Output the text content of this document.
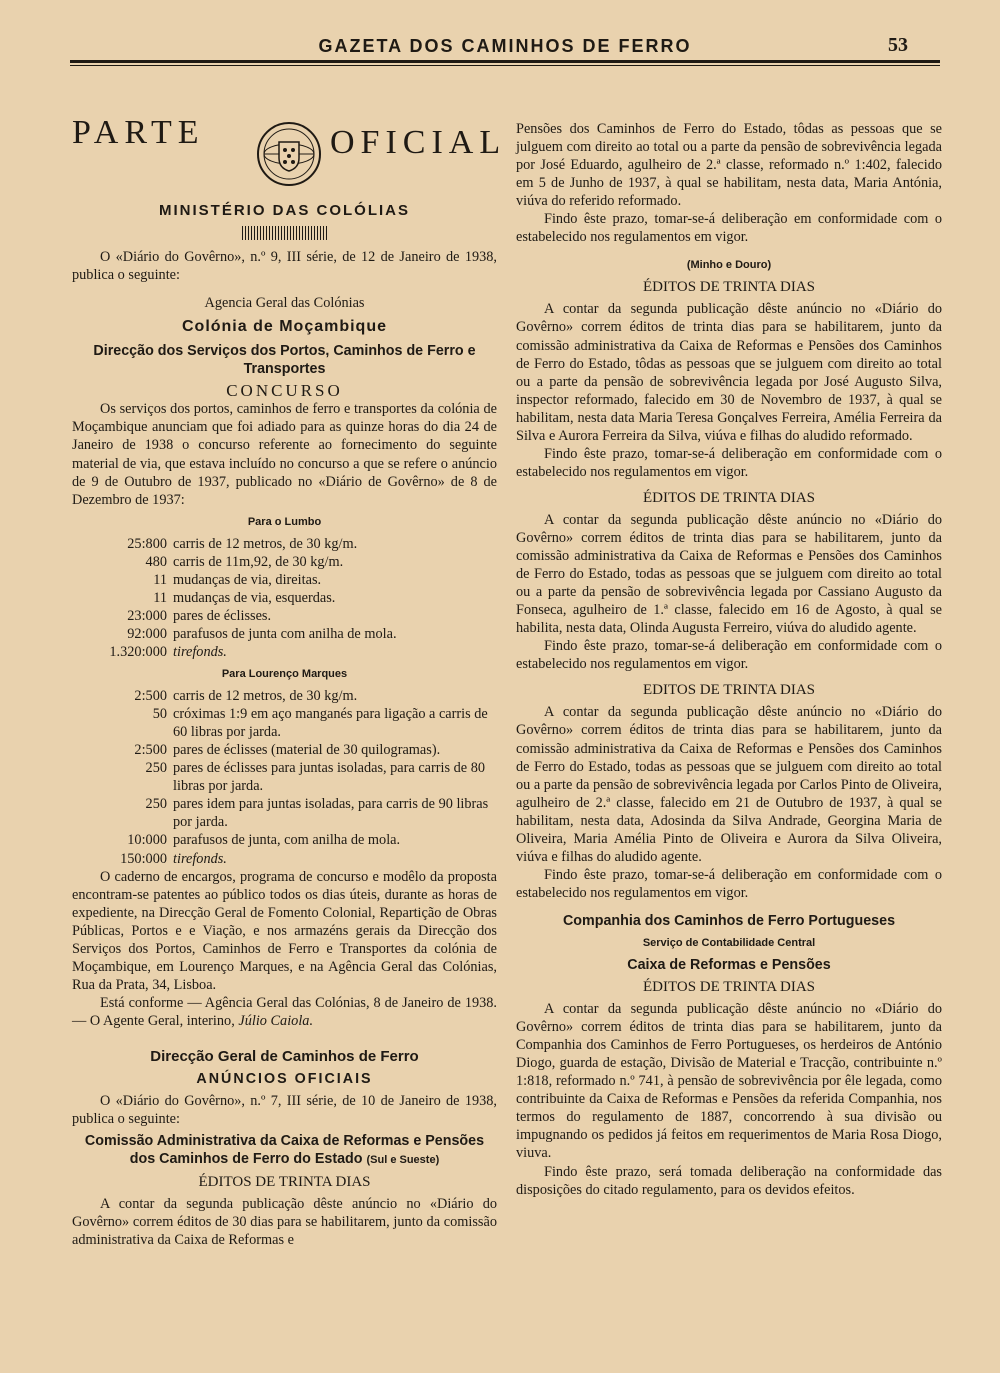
GAZETA DOS CAMINHOS DE FERRO	53
PARTE	OFICIAL

MINISTÉRIO DAS COLÓLIAS

O «Diário do Govêrno», n.º 9, III série, de 12 de Janeiro de 1938, publica o seguinte:

Agencia Geral das Colónias

Colónia de Moçambique

Direcção dos Serviços dos Portos, Caminhos de Ferro e Transportes

CONCURSO

Os serviços dos portos, caminhos de ferro e transportes da colónia de Moçambique anunciam que foi adiado para as quinze horas do dia 24 de Janeiro de 1938 o concurso referente ao fornecimento do seguinte material de via, que estava incluído no concurso a que se refere o anúncio de 9 de Outubro de 1937, publicado no «Diário de Govêrno» de 8 de Dezembro de 1937:

Para o Lumbo

25:800 carris de 12 metros, de 30 kg/m.
480 carris de 11m,92, de 30 kg/m.
11 mudanças de via, direitas.
11 mudanças de via, esquerdas.
23:000 pares de éclisses.
92:000 parafusos de junta com anilha de mola.
1.320:000 tirefonds.

Para Lourenço Marques

2:500 carris de 12 metros, de 30 kg/m.
50 cróximas 1:9 em aço manganés para ligação a carris de 60 libras por jarda.
2:500 pares de éclisses (material de 30 quilogramas).
250 pares de éclisses para juntas isoladas, para carris de 80 libras por jarda.
250 pares idem para juntas isoladas, para carris de 90 libras por jarda.
10:000 parafusos de junta, com anilha de mola.
150:000 tirefonds.

O caderno de encargos, programa de concurso e modêlo da proposta encontram-se patentes ao público todos os dias úteis, durante as horas de expediente, na Direcção Geral de Fomento Colonial, Repartição de Obras Públicas, Portos e e Viação, e nos armazéns gerais da Direcção dos Serviços dos Portos, Caminhos de Ferro e Transportes da colónia de Moçambique, em Lourenço Marques, e na Agência Geral das Colónias, Rua da Prata, 34, Lisboa.

Está conforme — Agência Geral das Colónias, 8 de Janeiro de 1938. — O Agente Geral, interino, Júlio Caiola.

Direcção Geral de Caminhos de Ferro

ANÚNCIOS OFICIAIS

O «Diário do Govêrno», n.º 7, III série, de 10 de Janeiro de 1938, publica o seguinte:

Comissão Administrativa da Caixa de Reformas e Pensões dos Caminhos de Ferro do Estado (Sul e Sueste)

ÉDITOS DE TRINTA DIAS

A contar da segunda publicação dêste anúncio no «Diário do Govêrno» correm éditos de 30 dias para se habilitarem, junto da comissão administrativa da Caixa de Reformas e

Pensões dos Caminhos de Ferro do Estado, tôdas as pessoas que se julguem com direito ao total ou a parte da pensão de sobrevivência legada por José Eduardo, agulheiro de 2.ª classe, reformado n.º 1:402, falecido em 5 de Junho de 1937, à qual se habilitam, nesta data, Maria Antónia, viúva do referido reformado.

Findo êste prazo, tomar-se-á deliberação em conformidade com o estabelecido nos regulamentos em vigor.

(Minho e Douro)

ÉDITOS DE TRINTA DIAS

A contar da segunda publicação dêste anúncio no «Diário do Govêrno» correm éditos de trinta dias para se habilitarem, junto da comissão administrativa da Caixa de Reformas e Pensões dos Caminhos de Ferro do Estado, tôdas as pessoas que se julguem com direito ao total ou a parte da pensão de sobrevivência legada por José Augusto Silva, inspector reformado, falecido em 30 de Novembro de 1937, à qual se habilitam, nesta data Maria Teresa Gonçalves Ferreira, Amélia Ferreira da Silva e Aurora Ferreira da Silva, viúva e filhas do aludido reformado.

Findo êste prazo, tomar-se-á deliberação em conformidade com o estabelecido nos regulamentos em vigor.

ÉDITOS DE TRINTA DIAS

A contar da segunda publicação dêste anúncio no «Diário do Govêrno» correm éditos de trinta dias para se habilitarem, junto da comissão administrativa da Caixa de Reformas e Pensões dos Caminhos de Ferro do Estado, todas as pessoas que se julguem com direito ao total ou a parte da pensão de sobrevivência legada por Cassiano Augusto da Fonseca, agulheiro de 1.ª classe, falecido em 16 de Agosto, à qual se habilita, nesta data, Olinda Augusta Ferreiro, viúva do aludido agente.

Findo êste prazo, tomar-se-á deliberação em conformidade com o estabelecido nos regulamentos em vigor.

EDITOS DE TRINTA DIAS

A contar da segunda publicação dêste anúncio no «Diário do Govêrno» correm éditos de trinta dias para se habilitarem, junto da comissão administrativa da Caixa de Reformas e Pensões dos Caminhos de Ferro do Estado, todas as pessoas que se julguem com direito ao total ou a parte da pensão de sobrevivência legada por Carlos Pinto de Oliveira, agulheiro de 2.ª classe, falecido em 21 de Outubro de 1937, à qual se habilitam, nesta data, Adosinda da Silva Andrade, Georgina Maria de Oliveira, Maria Amélia Pinto de Oliveira e Aurora da Silva Oliveira, viúva e filhas do aludido agente.

Findo êste prazo, tomar-se-á deliberação em conformidade com o estabelecido nos regulamentos em vigor.

Companhia dos Caminhos de Ferro Portugueses

Serviço de Contabilidade Central

Caixa de Reformas e Pensões

ÉDITOS DE TRINTA DIAS

A contar da segunda publicação dêste anúncio no «Diário do Govêrno» correm éditos de trinta dias para se habilitarem, junto da Companhia dos Caminhos de Ferro Portugueses, os herdeiros de António Diogo, guarda de estação, Divisão de Material e Tracção, contribuinte n.º 1:818, reformado n.º 741, à pensão de sobrevivência por êle legada, como contribuinte da Caixa de Reformas e Pensões da referida Companhia, nos termos do regulamento de 1887, concorrendo à sua divisão ou impugnando os pedidos já feitos em requerimentos de Maria Rosa Diogo, viuva.

Findo êste prazo, será tomada deliberação na conformidade das disposições do citado regulamento, para os devidos efeitos.
